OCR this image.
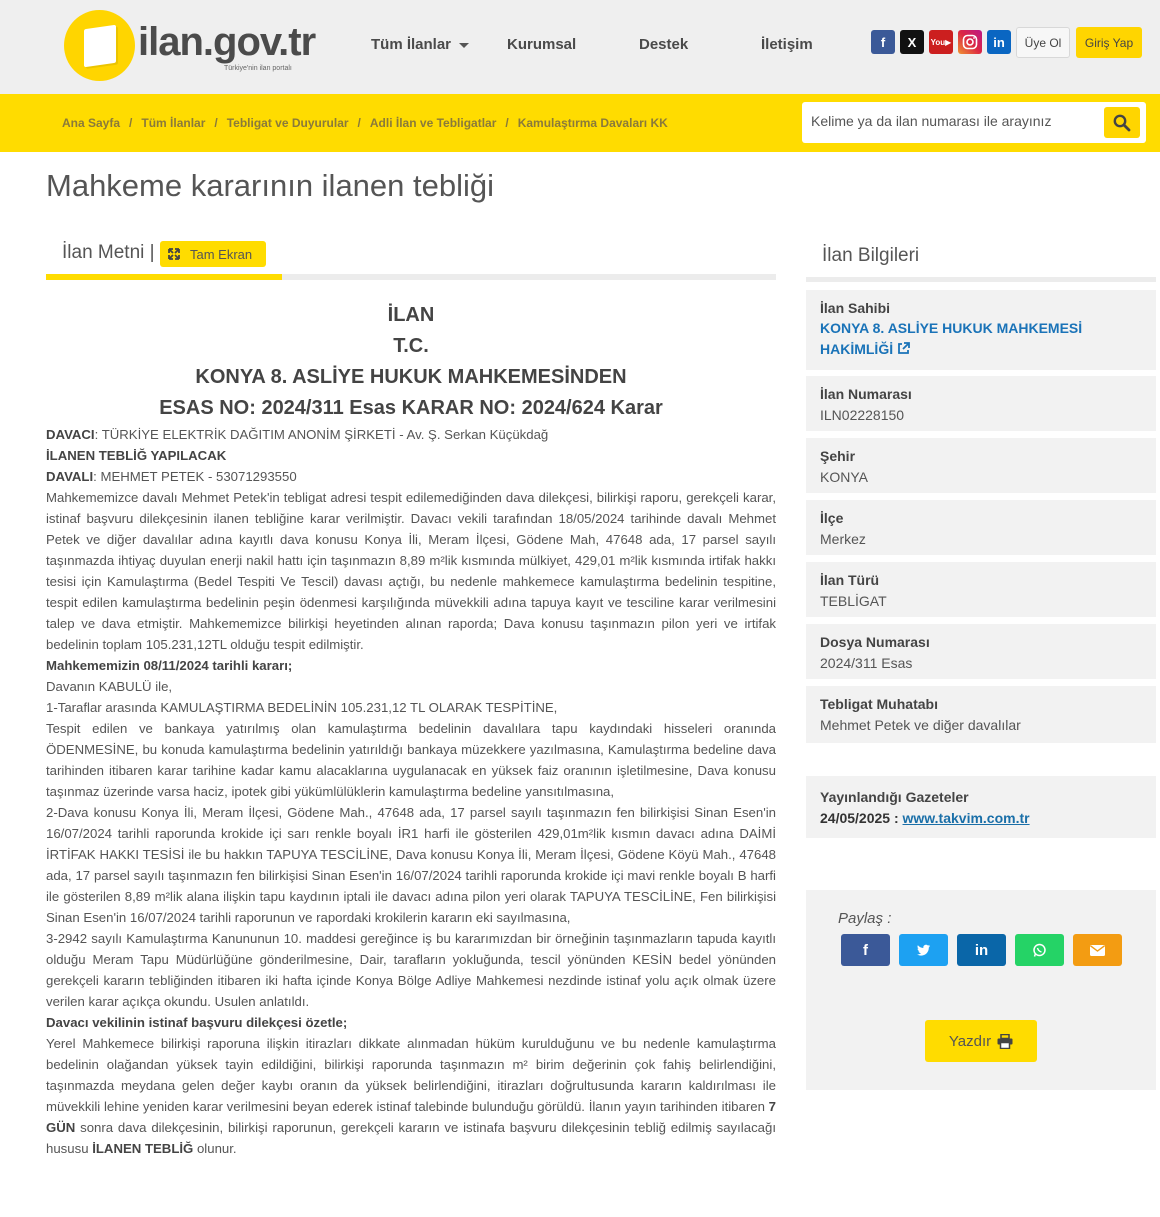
ilan.gov.tr
Türkiye'nin ilan portalı
Tüm İlanlar	Kurumsal	Destek	İletişim	f	X	You▶	in	Üye Ol	Giriş Yap
Ana Sayfa / Tüm İlanlar / Tebligat ve Duyurular / Adli İlan ve Tebligatlar / Kamulaştırma Davaları KK
Kelime ya da ilan numarası ile arayınız
Mahkeme kararının ilanen tebliği
İlan Metni |	Tam Ekran
İLAN
T.C.
KONYA 8. ASLİYE HUKUK MAHKEMESİNDEN
ESAS NO: 2024/311 Esas KARAR NO: 2024/624 Karar

DAVACI: TÜRKİYE ELEKTRİK DAĞITIM ANONİM ŞİRKETİ - Av. Ş. Serkan Küçükdağ

İLANEN TEBLİĞ YAPILACAK

DAVALI: MEHMET PETEK - 53071293550

Mahkememizce davalı Mehmet Petek'in tebligat adresi tespit edilemediğinden dava dilekçesi, bilirkişi raporu, gerekçeli karar, istinaf başvuru dilekçesinin ilanen tebliğine karar verilmiştir. Davacı vekili tarafından 18/05/2024 tarihinde davalı Mehmet Petek ve diğer davalılar adına kayıtlı dava konusu Konya İli, Meram İlçesi, Gödene Mah, 47648 ada, 17 parsel sayılı taşınmazda ihtiyaç duyulan enerji nakil hattı için taşınmazın 8,89 m²lik kısmında mülkiyet, 429,01 m²lik kısmında irtifak hakkı tesisi için Kamulaştırma (Bedel Tespiti Ve Tescil) davası açtığı, bu nedenle mahkemece kamulaştırma bedelinin tespitine, tespit edilen kamulaştırma bedelinin peşin ödenmesi karşılığında müvekkili adına tapuya kayıt ve tesciline karar verilmesini talep ve dava etmiştir. Mahkememizce bilirkişi heyetinden alınan raporda; Dava konusu taşınmazın pilon yeri ve irtifak bedelinin toplam 105.231,12TL olduğu tespit edilmiştir.

Mahkememizin 08/11/2024 tarihli kararı;

Davanın KABULÜ ile,

1-Taraflar arasında KAMULAŞTIRMA BEDELİNİN 105.231,12 TL OLARAK TESPİTİNE,

Tespit edilen ve bankaya yatırılmış olan kamulaştırma bedelinin davalılara tapu kaydındaki hisseleri oranında ÖDENMESİNE, bu konuda kamulaştırma bedelinin yatırıldığı bankaya müzekkere yazılmasına, Kamulaştırma bedeline dava tarihinden itibaren karar tarihine kadar kamu alacaklarına uygulanacak en yüksek faiz oranının işletilmesine, Dava konusu taşınmaz üzerinde varsa haciz, ipotek gibi yükümlülüklerin kamulaştırma bedeline yansıtılmasına,

2-Dava konusu Konya İli, Meram İlçesi, Gödene Mah., 47648 ada, 17 parsel sayılı taşınmazın fen bilirkişisi Sinan Esen'in 16/07/2024 tarihli raporunda krokide içi sarı renkle boyalı İR1 harfi ile gösterilen 429,01m²lik kısmın davacı adına DAİMİ İRTİFAK HAKKI TESİSİ ile bu hakkın TAPUYA TESCİLİNE, Dava konusu Konya İli, Meram İlçesi, Gödene Köyü Mah., 47648 ada, 17 parsel sayılı taşınmazın fen bilirkişisi Sinan Esen'in 16/07/2024 tarihli raporunda krokide içi mavi renkle boyalı B harfi ile gösterilen 8,89 m²lik alana ilişkin tapu kaydının iptali ile davacı adına pilon yeri olarak TAPUYA TESCİLİNE, Fen bilirkişisi Sinan Esen'in 16/07/2024 tarihli raporunun ve rapordaki krokilerin kararın eki sayılmasına,

3-2942 sayılı Kamulaştırma Kanununun 10. maddesi gereğince iş bu kararımızdan bir örneğinin taşınmazların tapuda kayıtlı olduğu Meram Tapu Müdürlüğüne gönderilmesine, Dair, tarafların yokluğunda, tescil yönünden KESİN bedel yönünden gerekçeli kararın tebliğinden itibaren iki hafta içinde Konya Bölge Adliye Mahkemesi nezdinde istinaf yolu açık olmak üzere verilen karar açıkça okundu. Usulen anlatıldı.

Davacı vekilinin istinaf başvuru dilekçesi özetle;

Yerel Mahkemece bilirkişi raporuna ilişkin itirazları dikkate alınmadan hüküm kurulduğunu ve bu nedenle kamulaştırma bedelinin olağandan yüksek tayin edildiğini, bilirkişi raporunda taşınmazın m² birim değerinin çok fahiş belirlendiğini, taşınmazda meydana gelen değer kaybı oranın da yüksek belirlendiğini, itirazları doğrultusunda kararın kaldırılması ile müvekkili lehine yeniden karar verilmesini beyan ederek istinaf talebinde bulunduğu görüldü. İlanın yayın tarihinden itibaren 7 GÜN sonra dava dilekçesinin, bilirkişi raporunun, gerekçeli kararın ve istinafa başvuru dilekçesinin tebliğ edilmiş sayılacağı hususu İLANEN TEBLİĞ olunur.

İlan Bilgileri
İlan Sahibi
KONYA 8. ASLİYE HUKUK MAHKEMESİ HAKİMLİĞİ
İlan Numarası
ILN02228150
Şehir
KONYA
İlçe
Merkez
İlan Türü
TEBLİGAT
Dosya Numarası
2024/311 Esas
Tebligat Muhatabı
Mehmet Petek ve diğer davalılar
Yayınlandığı Gazeteler
24/05/2025 : www.takvim.com.tr
Paylaş :
f	in
Yazdır
